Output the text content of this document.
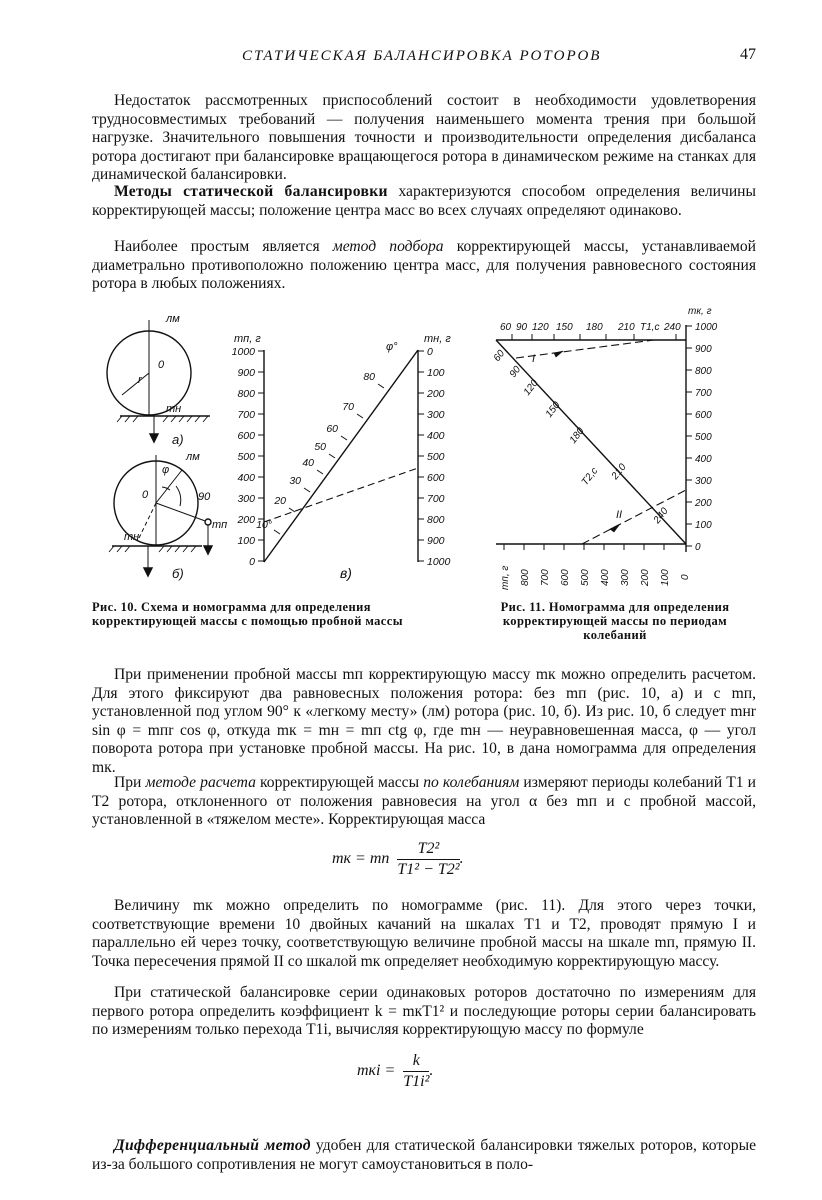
СТАТИЧЕСКАЯ БАЛАНСИРОВКА РОТОРОВ	47

Недостаток рассмотренных приспособлений состоит в необходимости удовлетворения трудносовместимых требований — получения наименьшего момента трения при большой нагрузке. Значительного повышения точности и производительности определения дисбаланса ротора достигают при балансировке вращающегося ротора в динамическом режиме на станках для динамической балансировки.

Методы статической балансировки характеризуются способом определения величины корректирующей массы; положение центра масс во всех случаях определяют одинаково.

Наиболее простым является метод подбора корректирующей массы, устанавливаемой диаметрально противоположно положению центра масс, для получения равновесного состояния ротора в любых положениях.

лм
0
r
mн
а)
лм
φ
0	90
mп
mн
б)	в)
mп, г	mн, г
φ°
1000
900
800
700
600
500
400
300
200
100
0
0
100
200
300
400
500
600
700
800
900
1000
80
70
60
50
40
30
20
10°
60 90 120 150 180 210 T1,c 240
mк, г
I
II
T2,c
60
90
120
150
180
210
240
1000
900
800
700
600
500
400
300
200
100
0
mп, г 800 700 600 500 400 300 200 100 0
Рис. 10. Схема и номограмма для определения корректирующей массы с помощью пробной массы
Рис. 11. Номограмма для определения корректирующей массы по периодам колебаний

При применении пробной массы mп корректирующую массу mк можно определить расчетом. Для этого фиксируют два равновесных положения ротора: без mп (рис. 10, а) и с mп, установленной под углом 90° к «легкому месту» (лм) ротора (рис. 10, б). Из рис. 10, б следует mнr sin φ = mпr cos φ, откуда mк = mн = mп ctg φ, где mн — неуравновешенная масса, φ — угол поворота ротора при установке пробной массы. На рис. 10, в дана номограмма для определения mк.

При методе расчета корректирующей массы по колебаниям измеряют периоды колебаний T1 и T2 ротора, отклоненного от положения равновесия на угол α без mп и с пробной массой, установленной в «тяжелом месте». Корректирующая масса

mк = mп $\frac{\text{T2²}}{\text{T1² − T2²}}$ .

Величину mк можно определить по номограмме (рис. 11). Для этого через точки, соответствующие времени 10 двойных качаний на шкалах T1 и T2, проводят прямую I и параллельно ей через точку, соответствующую величине пробной массы на шкале mп, прямую II. Точка пересечения прямой II со шкалой mк определяет необходимую корректирующую массу.

При статической балансировке серии одинаковых роторов достаточно по измерениям для первого ротора определить коэффициент k = mкT1² и последующие роторы серии балансировать по измерениям только перехода T1i, вычисляя корректирующую массу по формуле

mкi = $\frac{k}{\text{T1i²}}$ .

Дифференциальный метод удобен для статической балансировки тяжелых роторов, которые из-за большого сопротивления не могут самоустановиться в поло-
